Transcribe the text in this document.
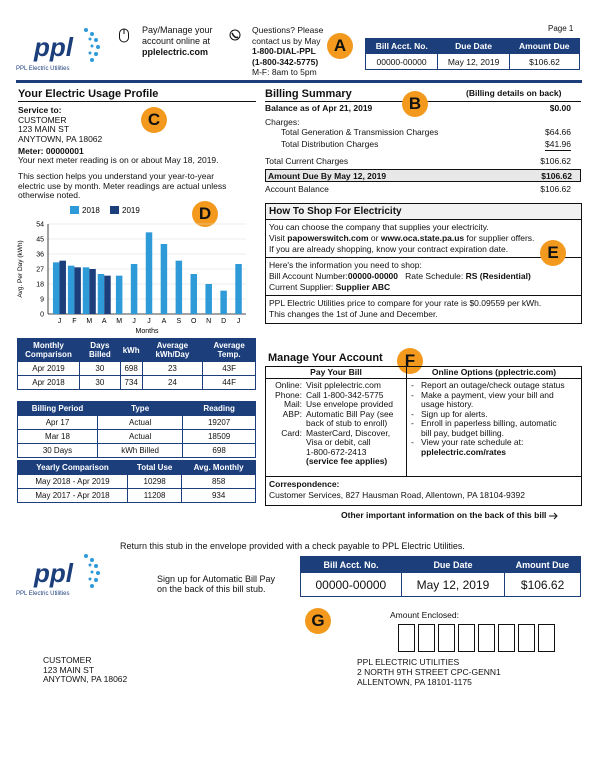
ppl
PPL Electric Utilities
Pay/Manage your
account online at
pplelectric.com
Questions? Please
contact us by May
1-800-DIAL-PPL
(1-800-342-5775)
M-F: 8am to 5pm
A
Page 1
Bill Acct. No.	Due Date	Amount Due
00000-00000	May 12, 2019	$106.62
Your Electric Usage Profile
C
Service to:
CUSTOMER
123 MAIN ST
ANYTOWN, PA 18062
Meter: 00000001
Your next meter reading is on or about May 18, 2019.
This section helps you understand your year-to-year
electric use by month. Meter readings are actual unless
otherwise noted.
D
Avg. Per Day (kWh)
0
9
18
27
36
45
54
J F M A M J J A S O N D J
Months
2018	2019
Monthly Comparison	Days Billed	kWh	Average kWh/Day	Average Temp.
Apr 2019	30	698	23	43F
Apr 2018	30	734	24	44F
Billing Period	Type	Reading
Apr 17	Actual	19207
Mar 18	Actual	18509
30 Days	kWh Billed	698
Yearly Comparison	Total Use	Avg. Monthly
May 2018 - Apr 2019	10298	858
May 2017 - Apr 2018	11208	934
Billing Summary	(Billing details on back)
B
Balance as of Apr 21, 2019	$0.00
Charges:
Total Generation & Transmission Charges	$64.66
Total Distribution Charges	$41.96
Total Current Charges	$106.62
Amount Due By May 12, 2019	$106.62
Account Balance	$106.62
How To Shop For Electricity
You can choose the company that supplies your electricity.
Visit papowerswitch.com or www.oca.state.pa.us for supplier offers.
If you are already shopping, know your contract expiration date.
Here's the information you need to shop:
Bill Account Number:00000-00000 Rate Schedule: RS (Residential)
Current Supplier: Supplier ABC
PPL Electric Utilities price to compare for your rate is $0.09559 per kWh.
This changes the 1st of June and December.
E
Manage Your Account	F
Pay Your Bill	Online Options (pplectric.com)
Online: Visit pplelectric.com
Phone: Call 1-800-342-5775
Mail: Use envelope provided
ABP: Automatic Bill Pay (see
back of stub to enroll)
Card: MasterCard, Discover,
Visa or debit, call
1-800-672-2413
(service fee applies)
- Report an outage/check outage status
- Make a payment, view your bill and
usage history.
- Sign up for alerts.
- Enroll in paperless billing, automatic
bill pay, budget billing.
- View your rate schedule at:
pplelectric.com/rates
Correspondence:
Customer Services, 827 Hausman Road, Allentown, PA 18104-9392
Other important information on the back of this bill
Return this stub in the envelope provided with a check payable to PPL Electric Utilities.
ppl
PPL Electric Utilities
Sign up for Automatic Bill Pay
on the back of this bill stub.
Bill Acct. No.	Due Date	Amount Due
00000-00000	May 12, 2019	$106.62
G	Amount Enclosed:
CUSTOMER
123 MAIN ST
ANYTOWN, PA 18062
PPL ELECTRIC UTILITIES
2 NORTH 9TH STREET CPC-GENN1
ALLENTOWN, PA 18101-1175
